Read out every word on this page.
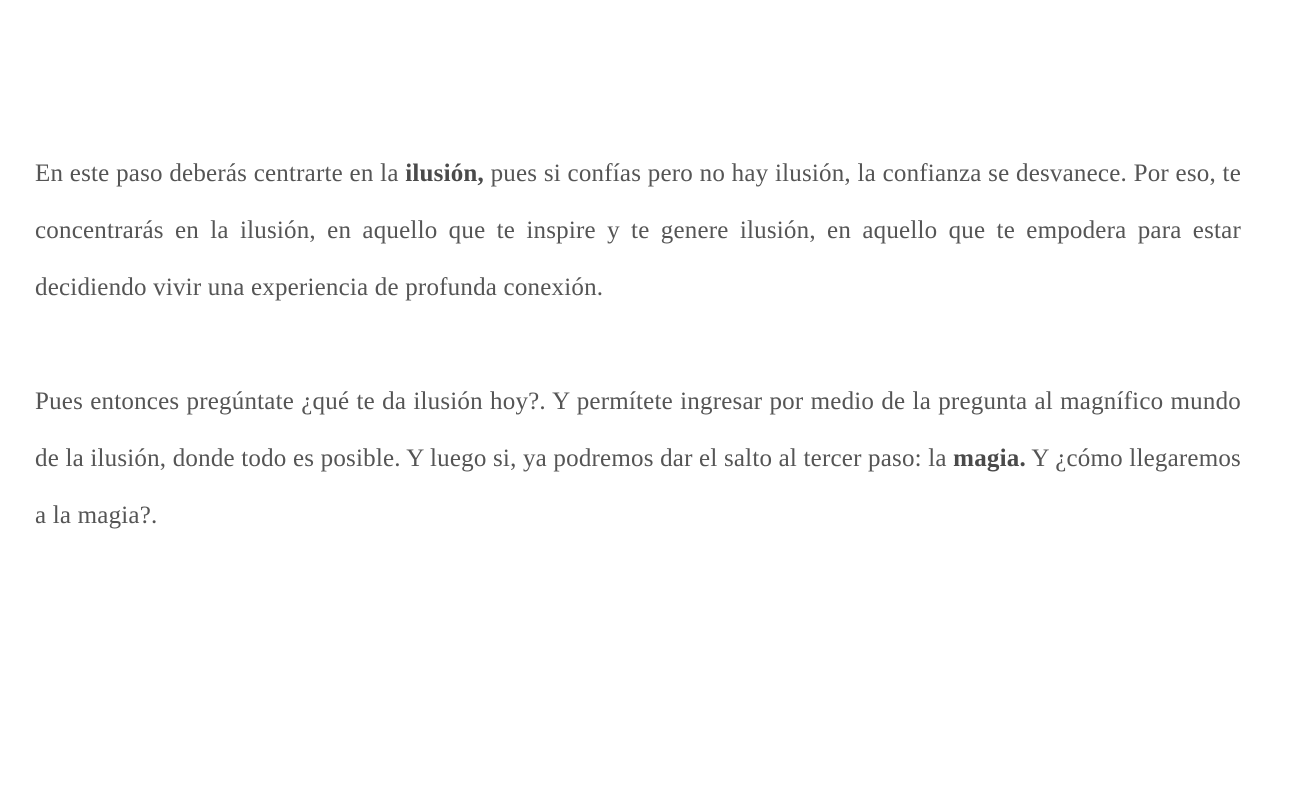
En este paso deberás centrarte en la ilusión, pues si confías pero no hay ilusión, la confianza se desvanece. Por eso, te concentrarás en la ilusión, en aquello que te inspire y te genere ilusión, en aquello que te empodera para estar decidiendo vivir una experiencia de profunda conexión.

Pues entonces pregúntate ¿qué te da ilusión hoy?. Y permítete ingresar por medio de la pregunta al magnífico mundo de la ilusión, donde todo es posible. Y luego si, ya podremos dar el salto al tercer paso: la magia. Y ¿cómo llegaremos a la magia?.
